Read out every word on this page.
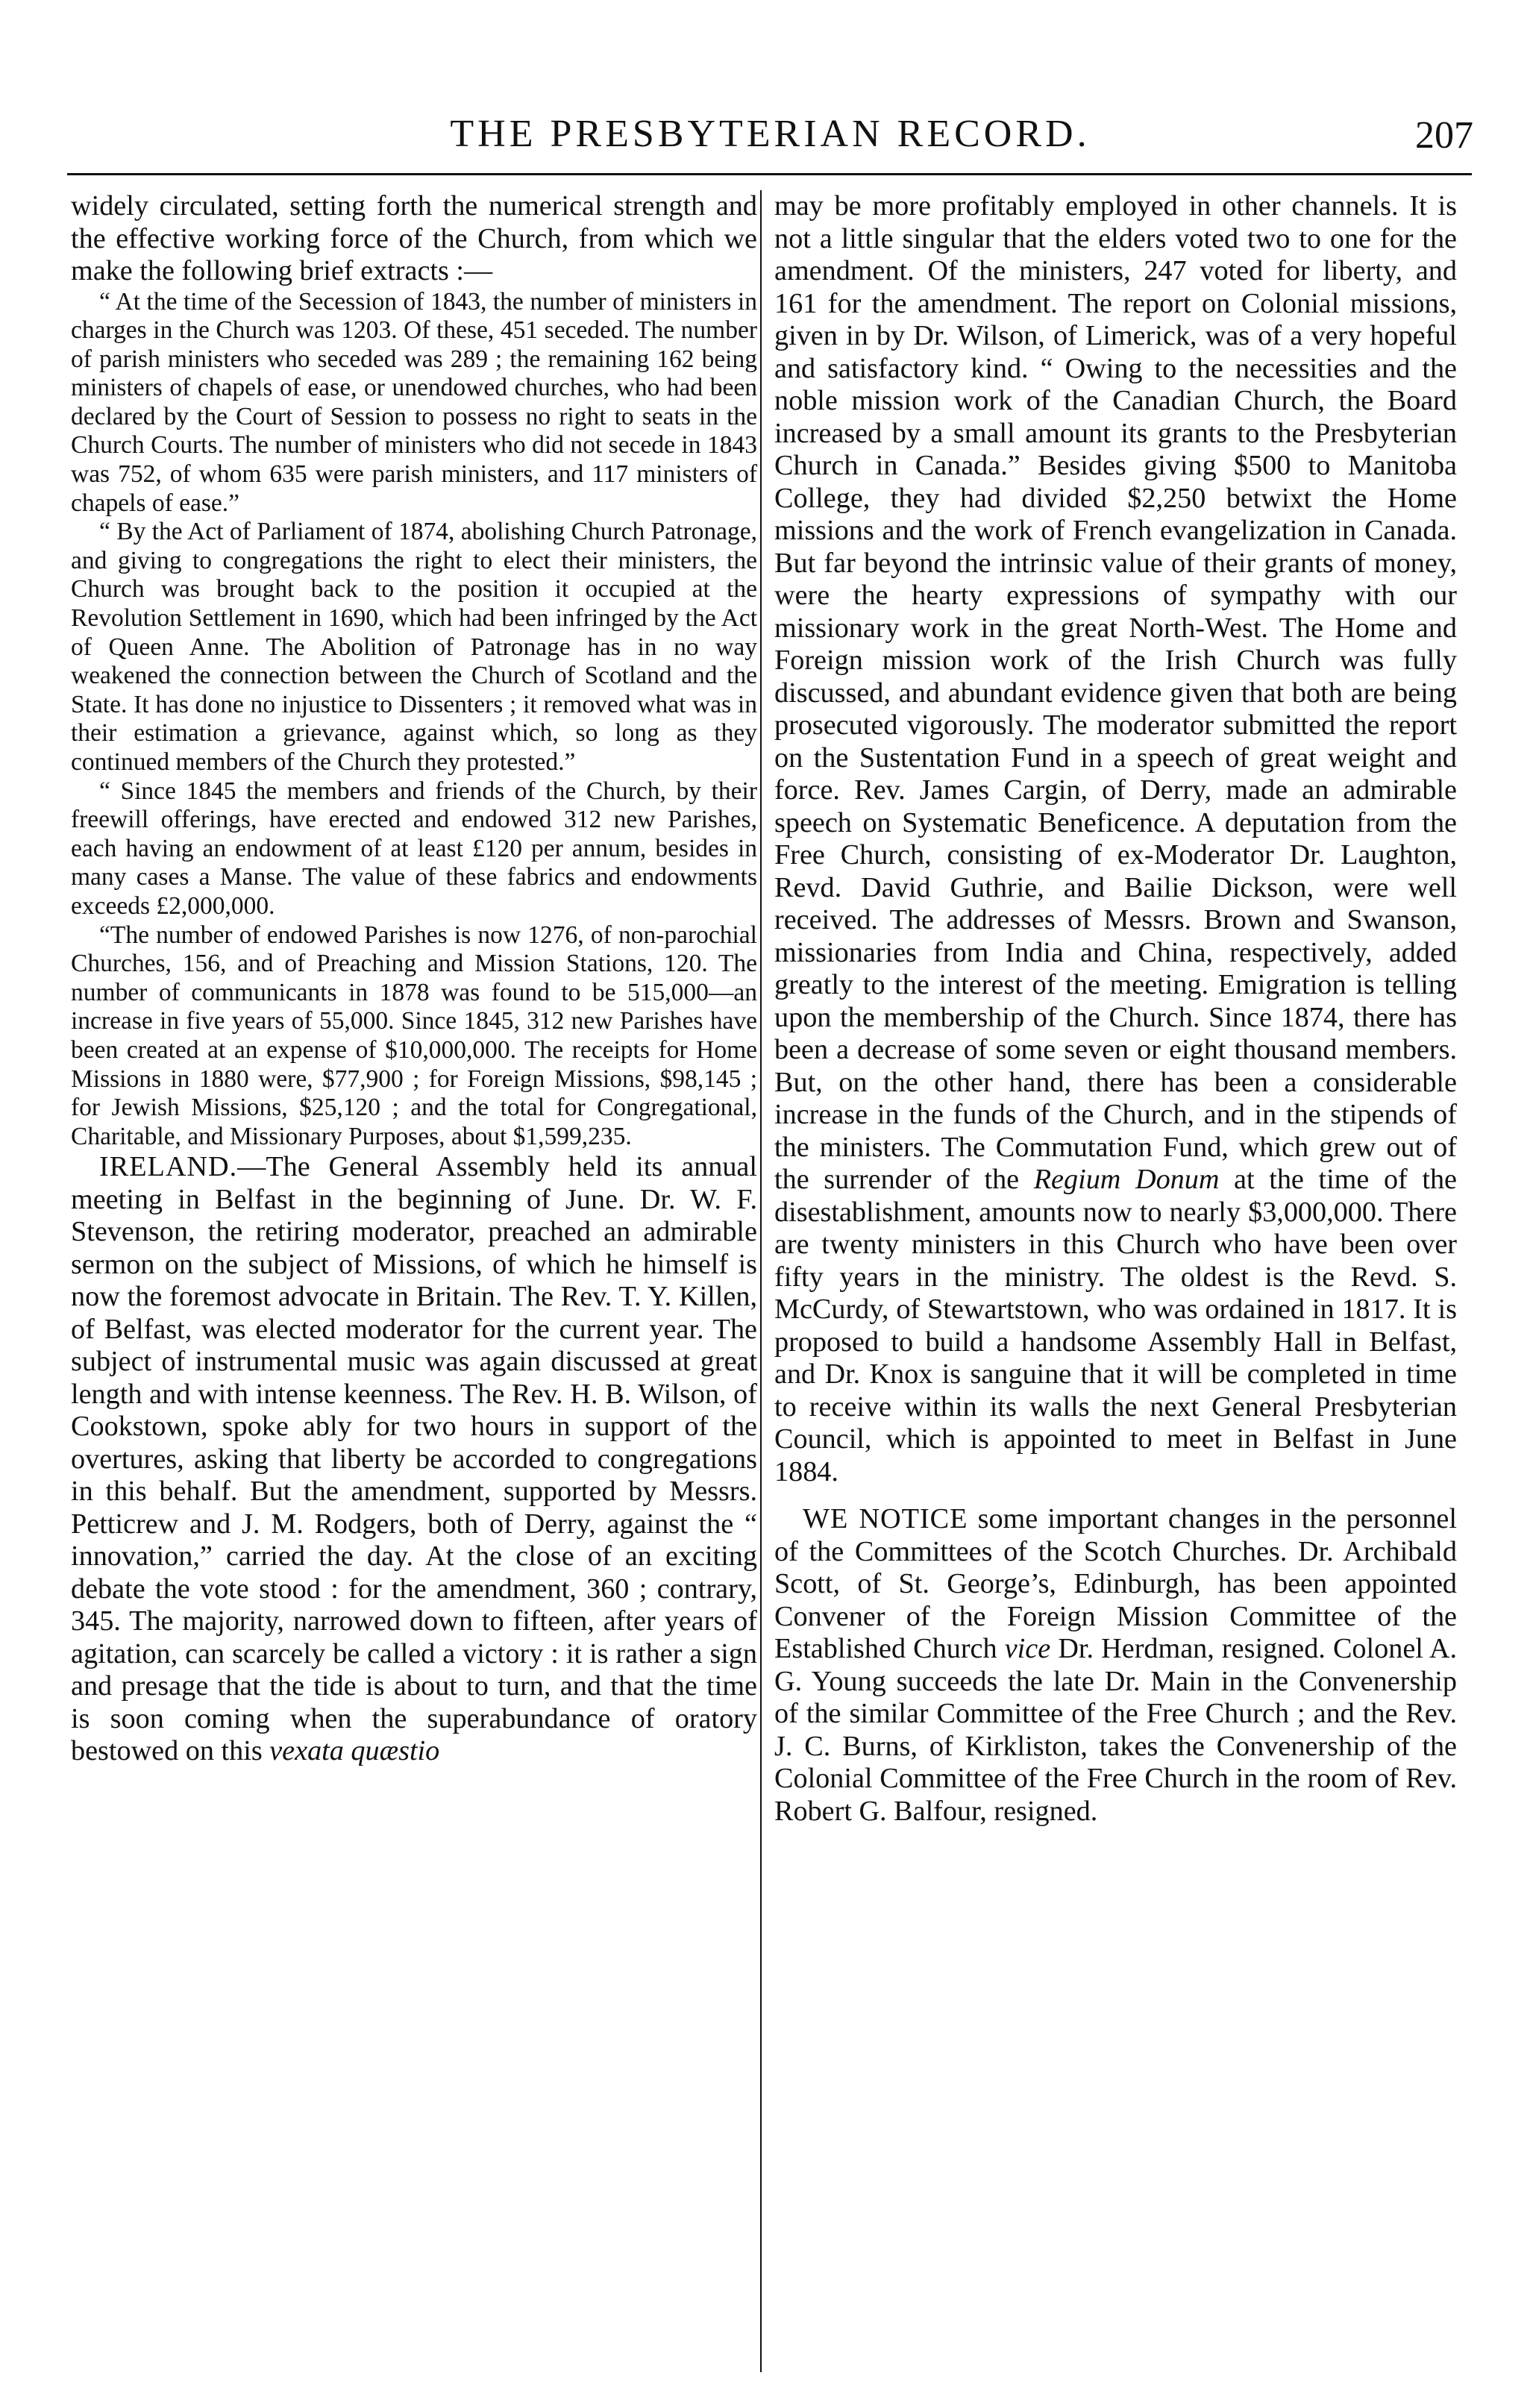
THE PRESBYTERIAN RECORD.	207

widely circulated, setting forth the numerical strength and the effective working force of the Church, from which we make the following brief extracts :—

“ At the time of the Secession of 1843, the number of ministers in charges in the Church was 1203. Of these, 451 seceded. The number of parish ministers who seceded was 289 ; the remaining 162 being ministers of chapels of ease, or unendowed churches, who had been declared by the Court of Session to possess no right to seats in the Church Courts. The number of ministers who did not secede in 1843 was 752, of whom 635 were parish ministers, and 117 ministers of chapels of ease.”

“ By the Act of Parliament of 1874, abolishing Church Patronage, and giving to congregations the right to elect their ministers, the Church was brought back to the position it occupied at the Revolution Settlement in 1690, which had been infringed by the Act of Queen Anne. The Abolition of Patronage has in no way weakened the connection between the Church of Scotland and the State. It has done no injustice to Dissenters ; it removed what was in their estimation a grievance, against which, so long as they continued members of the Church they protested.”

“ Since 1845 the members and friends of the Church, by their freewill offerings, have erected and endowed 312 new Parishes, each having an endowment of at least £120 per annum, besides in many cases a Manse. The value of these fabrics and endowments exceeds £2,000,000.

“The number of endowed Parishes is now 1276, of non-parochial Churches, 156, and of Preaching and Mission Stations, 120. The number of communicants in 1878 was found to be 515,000—an increase in five years of 55,000. Since 1845, 312 new Parishes have been created at an expense of $10,000,000. The receipts for Home Missions in 1880 were, $77,900 ; for Foreign Missions, $98,145 ; for Jewish Missions, $25,120 ; and the total for Congregational, Charitable, and Missionary Purposes, about $1,599,235.

IRELAND.—The General Assembly held its annual meeting in Belfast in the beginning of June. Dr. W. F. Stevenson, the retiring moderator, preached an admirable sermon on the subject of Missions, of which he himself is now the foremost advocate in Britain. The Rev. T. Y. Killen, of Belfast, was elected moderator for the current year. The subject of instrumental music was again discussed at great length and with intense keenness. The Rev. H. B. Wilson, of Cookstown, spoke ably for two hours in support of the overtures, asking that liberty be accorded to congregations in this behalf. But the amendment, supported by Messrs. Petticrew and J. M. Rodgers, both of Derry, against the “ innovation,” carried the day. At the close of an exciting debate the vote stood : for the amendment, 360 ; contrary, 345. The majority, narrowed down to fifteen, after years of agitation, can scarcely be called a victory : it is rather a sign and presage that the tide is about to turn, and that the time is soon coming when the superabundance of oratory bestowed on this vexata quæstio

may be more profitably employed in other channels. It is not a little singular that the elders voted two to one for the amendment. Of the ministers, 247 voted for liberty, and 161 for the amendment. The report on Colonial missions, given in by Dr. Wilson, of Limerick, was of a very hopeful and satisfactory kind. “ Owing to the necessities and the noble mission work of the Canadian Church, the Board increased by a small amount its grants to the Presbyterian Church in Canada.” Besides giving $500 to Manitoba College, they had divided $2,250 betwixt the Home missions and the work of French evangelization in Canada. But far beyond the intrinsic value of their grants of money, were the hearty expressions of sympathy with our missionary work in the great North-West. The Home and Foreign mission work of the Irish Church was fully discussed, and abundant evidence given that both are being prosecuted vigorously. The moderator submitted the report on the Sustentation Fund in a speech of great weight and force. Rev. James Cargin, of Derry, made an admirable speech on Systematic Beneficence. A deputation from the Free Church, consisting of ex-Moderator Dr. Laughton, Revd. David Guthrie, and Bailie Dickson, were well received. The addresses of Messrs. Brown and Swanson, missionaries from India and China, respectively, added greatly to the interest of the meeting. Emigration is telling upon the membership of the Church. Since 1874, there has been a decrease of some seven or eight thousand members. But, on the other hand, there has been a considerable increase in the funds of the Church, and in the stipends of the ministers. The Commutation Fund, which grew out of the surrender of the Regium Donum at the time of the disestablishment, amounts now to nearly $3,000,000. There are twenty ministers in this Church who have been over fifty years in the ministry. The oldest is the Revd. S. McCurdy, of Stewartstown, who was ordained in 1817. It is proposed to build a handsome Assembly Hall in Belfast, and Dr. Knox is sanguine that it will be completed in time to receive within its walls the next General Presbyterian Council, which is appointed to meet in Belfast in June 1884.

WE NOTICE some important changes in the personnel of the Committees of the Scotch Churches. Dr. Archibald Scott, of St. George’s, Edinburgh, has been appointed Convener of the Foreign Mission Committee of the Established Church vice Dr. Herdman, resigned. Colonel A. G. Young succeeds the late Dr. Main in the Convenership of the similar Committee of the Free Church ; and the Rev. J. C. Burns, of Kirkliston, takes the Convenership of the Colonial Committee of the Free Church in the room of Rev. Robert G. Balfour, resigned.
